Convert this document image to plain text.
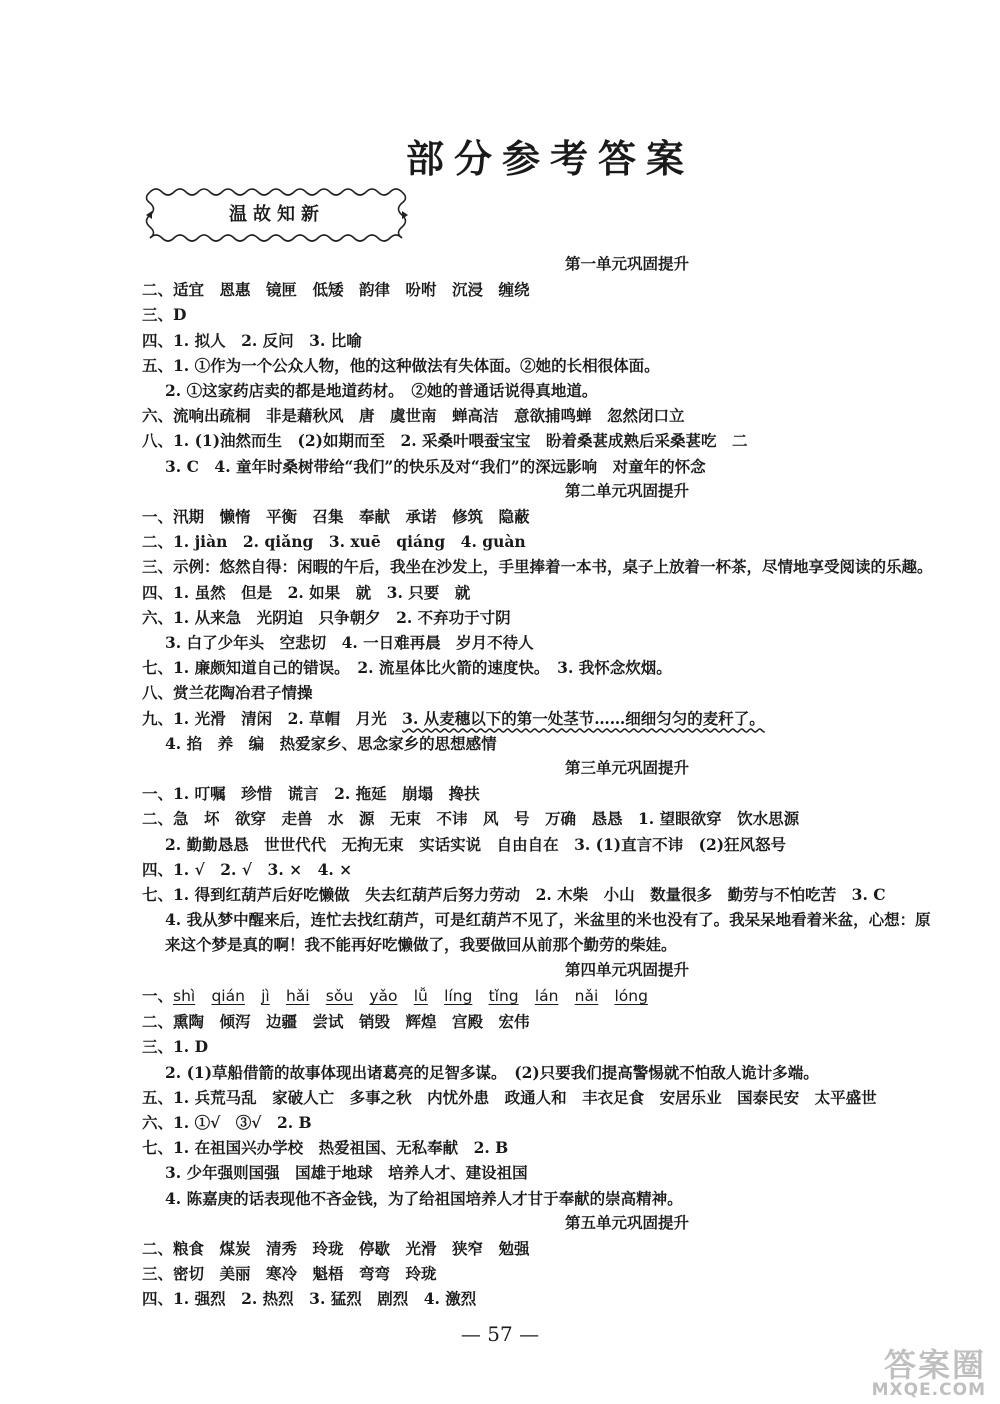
部分参考答案
温故知新
第一单元巩固提升
二、适宜　恩惠　镜匣　低矮　韵律　吩咐　沉浸　缠绕
三、D
四、1. 拟人　2. 反问　3. 比喻
五、1. ①作为一个公众人物，他的这种做法有失体面。②她的长相很体面。
2. ①这家药店卖的都是地道药材。　②她的普通话说得真地道。
六、流响出疏桐　非是藉秋风　唐　虞世南　蝉高洁　意欲捕鸣蝉　忽然闭口立
八、1. (1)油然而生　(2)如期而至　2. 采桑叶喂蚕宝宝　盼着桑葚成熟后采桑葚吃　二
3. C　4. 童年时桑树带给“我们”的快乐及对“我们”的深远影响　对童年的怀念
第二单元巩固提升
一、汛期　懒惰　平衡　召集　奉献　承诺　修筑　隐蔽
二、1. jiàn　2. qiǎng　3. xuē　qiáng　4. guàn
三、示例：悠然自得：闲暇的午后，我坐在沙发上，手里捧着一本书，桌子上放着一杯茶，尽情地享受阅读的乐趣。
四、1. 虽然　但是　2. 如果　就　3. 只要　就
六、1. 从来急　光阴迫　只争朝夕　2. 不弃功于寸阴
3. 白了少年头　空悲切　4. 一日难再晨　岁月不待人
七、1. 廉颇知道自己的错误。　2. 流星体比火箭的速度快。　3. 我怀念炊烟。
八、赏兰花陶冶君子情操
九、1. 光滑　清闲　2. 草帽　月光　3. 从麦穗以下的第一处茎节……细细匀匀的麦秆了。
4. 掐　养　编　热爱家乡、思念家乡的思想感情
第三单元巩固提升
一、1. 叮嘱　珍惜　谎言　2. 拖延　崩塌　搀扶
二、急　坏　欲穿　走兽　水　源　无束　不讳　风　号　万确　恳恳　1. 望眼欲穿　饮水思源
2. 勤勤恳恳　世世代代　无拘无束　实话实说　自由自在　3. (1)直言不讳　(2)狂风怒号
四、1. √　2. √　3. ×　4. ×
七、1. 得到红葫芦后好吃懒做　失去红葫芦后努力劳动　2. 木柴　小山　数量很多　勤劳与不怕吃苦　3. C
4. 我从梦中醒来后，连忙去找红葫芦，可是红葫芦不见了，米盆里的米也没有了。我呆呆地看着米盆，心想：原
来这个梦是真的啊！我不能再好吃懒做了，我要做回从前那个勤劳的柴娃。
第四单元巩固提升
一、shì qián jì hǎi sǒu yǎo lǚ líng tǐng lán nǎi lóng
二、熏陶　倾泻　边疆　尝试　销毁　辉煌　宫殿　宏伟
三、1. D
2. (1)草船借箭的故事体现出诸葛亮的足智多谋。　(2)只要我们提高警惕就不怕敌人诡计多端。
五、1. 兵荒马乱　家破人亡　多事之秋　内忧外患　政通人和　丰衣足食　安居乐业　国泰民安　太平盛世
六、1. ①√　③√　2. B
七、1. 在祖国兴办学校　热爱祖国、无私奉献　2. B
3. 少年强则国强　国雄于地球　培养人才、建设祖国
4. 陈嘉庚的话表现他不吝金钱，为了给祖国培养人才甘于奉献的崇高精神。
第五单元巩固提升
二、粮食　煤炭　清秀　玲珑　停歇　光滑　狭窄　勉强
三、密切　美丽　寒冷　魁梧　弯弯　玲珑
四、1. 强烈　2. 热烈　3. 猛烈　剧烈　4. 激烈
— 57 —
答案圈
MXQE.COM
